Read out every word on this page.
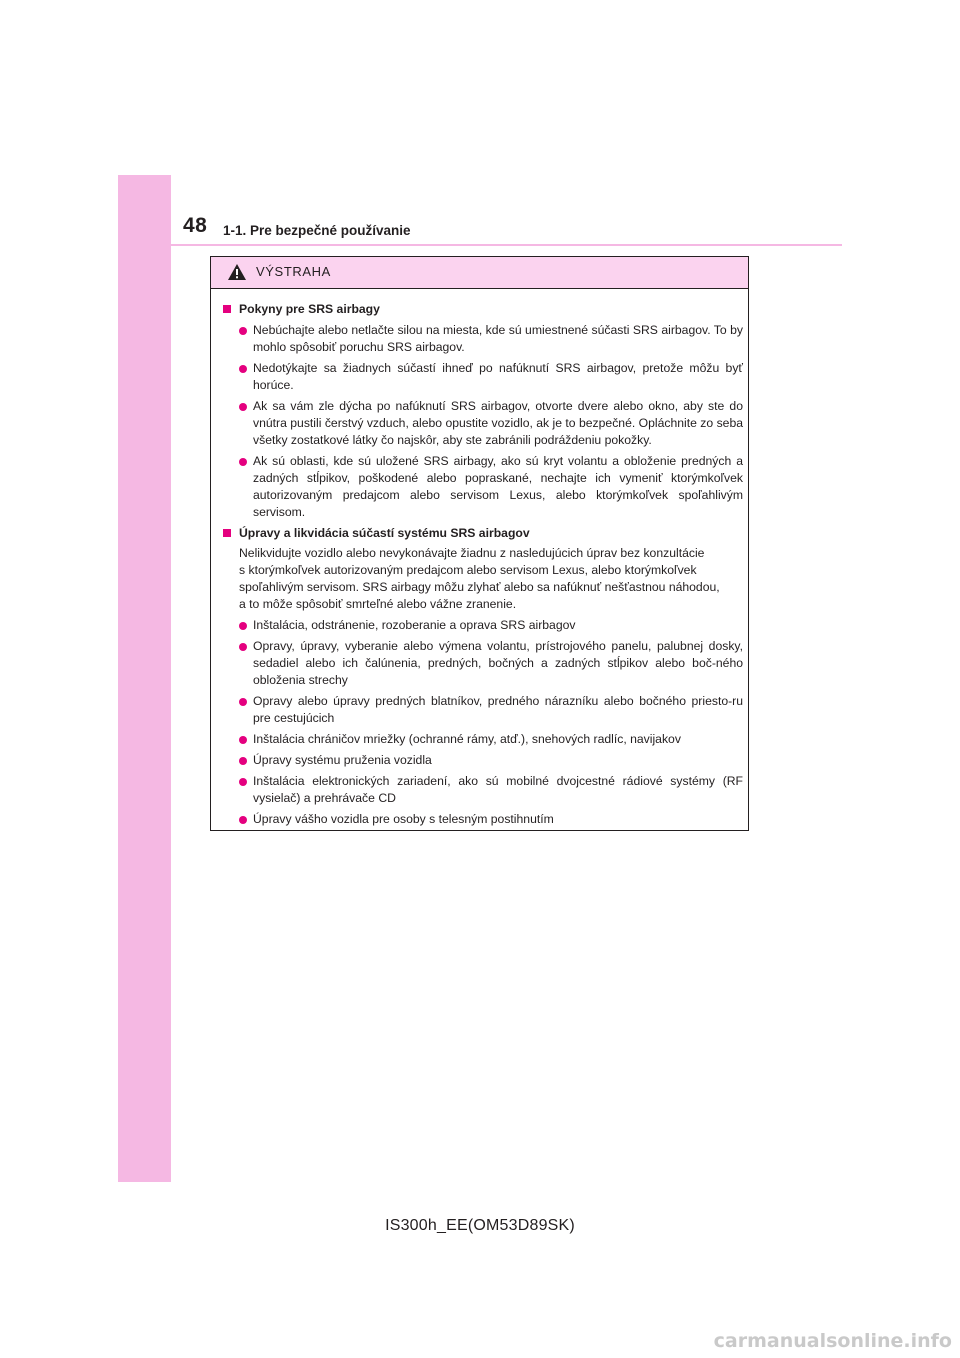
48 1-1. Pre bezpečné používanie
VÝSTRAHA
Pokyny pre SRS airbagy
Nebúchajte alebo netlačte silou na miesta, kde sú umiestnené súčasti SRS airbagov. To by mohlo spôsobiť poruchu SRS airbagov.
Nedotýkajte sa žiadnych súčastí ihneď po nafúknutí SRS airbagov, pretože môžu byť horúce.
Ak sa vám zle dýcha po nafúknutí SRS airbagov, otvorte dvere alebo okno, aby ste do vnútra pustili čerstvý vzduch, alebo opustite vozidlo, ak je to bezpečné. Opláchnite zo seba všetky zostatkové látky čo najskôr, aby ste zabránili podráždeniu pokožky.
Ak sú oblasti, kde sú uložené SRS airbagy, ako sú kryt volantu a obloženie predných a zadných stĺpikov, poškodené alebo popraskané, nechajte ich vymeniť ktorýmkoľvek autorizovaným predajcom alebo servisom Lexus, alebo ktorýmkoľvek spoľahlivým servisom.
Úpravy a likvidácia súčastí systému SRS airbagov
Nelikvidujte vozidlo alebo nevykonávajte žiadnu z nasledujúcich úprav bez konzultácie
s ktorýmkoľvek autorizovaným predajcom alebo servisom Lexus, alebo ktorýmkoľvek
spoľahlivým servisom. SRS airbagy môžu zlyhať alebo sa nafúknuť nešťastnou náhodou,
a to môže spôsobiť smrteľné alebo vážne zranenie.
Inštalácia, odstránenie, rozoberanie a oprava SRS airbagov
Opravy, úpravy, vyberanie alebo výmena volantu, prístrojového panelu, palubnej dosky, sedadiel alebo ich čalúnenia, predných, bočných a zadných stĺpikov alebo boč-ného obloženia strechy
Opravy alebo úpravy predných blatníkov, predného nárazníku alebo bočného priesto-ru pre cestujúcich
Inštalácia chráničov mriežky (ochranné rámy, atď.), snehových radlíc, navijakov
Úpravy systému pruženia vozidla
Inštalácia elektronických zariadení, ako sú mobilné dvojcestné rádiové systémy (RF vysielač) a prehrávače CD
Úpravy vášho vozidla pre osoby s telesným postihnutím
IS300h_EE(OM53D89SK)
carmanualsonline.info
